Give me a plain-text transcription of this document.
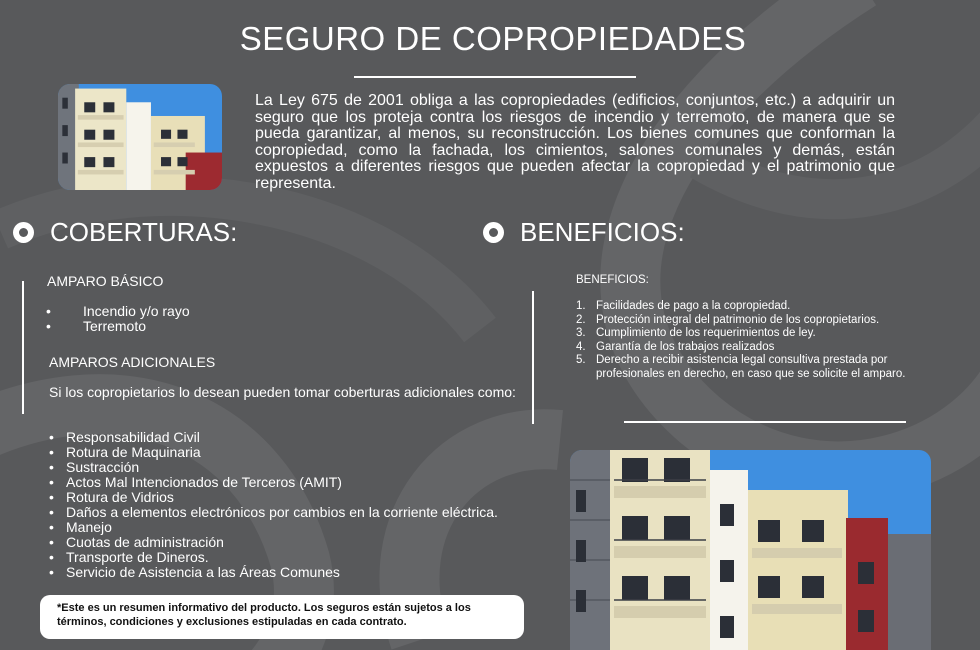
SEGURO DE COPROPIEDADES

La Ley 675 de 2001 obliga a las copropiedades (edificios, conjuntos, etc.) a adquirir un seguro que los proteja contra los riesgos de incendio y terremoto, de manera que se pueda garantizar, al menos, su reconstrucción. Los bienes comunes que conforman la copropiedad, como la fachada, los cimientos, salones comunales y demás, están expuestos a diferentes riesgos que pueden afectar la copropiedad y el patrimonio que representa.

COBERTURAS:
AMPARO BÁSICO
•	Incendio y/o rayo
•	Terremoto
AMPAROS ADICIONALES

Si los copropietarios lo desean pueden tomar coberturas adicionales como:

• Responsabilidad Civil
• Rotura de Maquinaria
• Sustracción
• Actos Mal Intencionados de Terceros (AMIT)
• Rotura de Vidrios
• Daños a elementos electrónicos por cambios en la corriente eléctrica.
• Manejo
• Cuotas de administración
• Transporte de Dineros.
• Servicio de Asistencia a las Áreas Comunes
*Este es un resumen informativo del producto. Los seguros están sujetos a los términos, condiciones y exclusiones estipuladas en cada contrato.
BENEFICIOS:
BENEFICIOS:
1. Facilidades de pago a la copropiedad.
2. Protección integral del patrimonio de los copropietarios.
3. Cumplimiento de los requerimientos de ley.
4. Garantía de los trabajos realizados
5. Derecho a recibir asistencia legal consultiva prestada por profesionales en derecho, en caso que se solicite el amparo.
